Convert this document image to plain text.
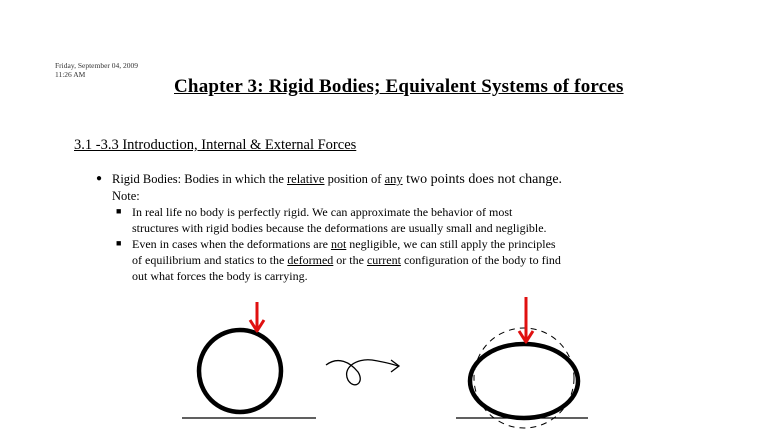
Friday, September 04, 2009
11:26 AM
Chapter 3: Rigid Bodies; Equivalent Systems of forces
3.1 -3.3 Introduction, Internal & External Forces
● Rigid Bodies: Bodies in which the relative position of any two points does not change.
Note:
■ In real life no body is perfectly rigid. We can approximate the behavior of most
structures with rigid bodies because the deformations are usually small and negligible.
■ Even in cases when the deformations are not negligible, we can still apply the principles
of equilibrium and statics to the deformed or the current configuration of the body to find
out what forces the body is carrying.
